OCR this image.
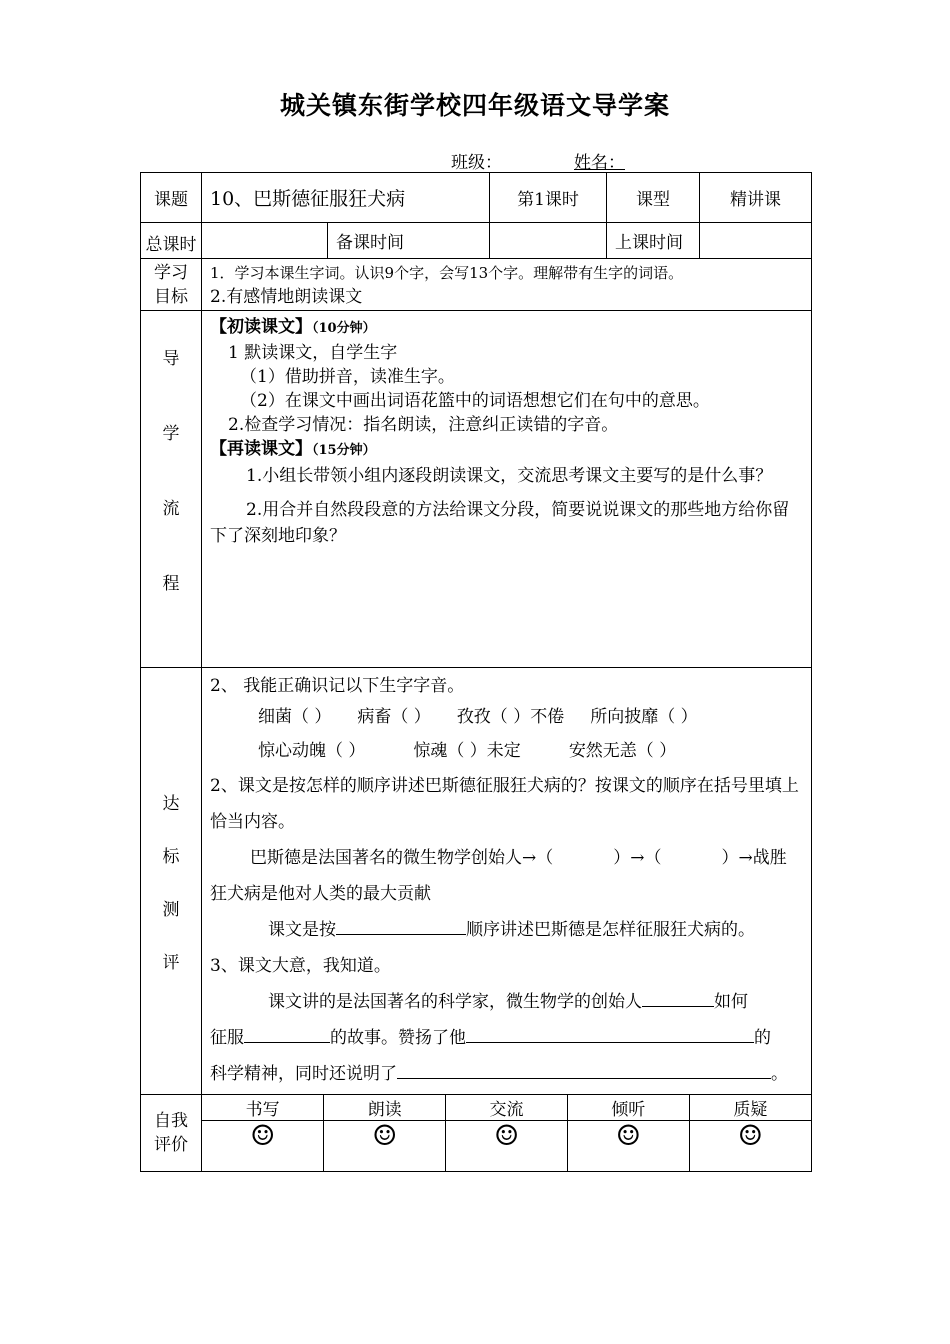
城关镇东街学校四年级语文导学案
班级：	姓名：
课题	10、巴斯德征服狂犬病	第1课时	课型	精讲课
总课时		备课时间		上课时间	

学习
目标

1．学习本课生字词。认识9个字，会写13个字。理解带有生字的词语。
2.有感情地朗读课文

导
学
流
程

【初读课文】（10分钟）

1 默读课文，自学生字

（1）借助拼音，读准生字。

（2）在课文中画出词语花篮中的词语想想它们在句中的意思。

2.检查学习情况：指名朗读，注意纠正读错的字音。

【再读课文】（15分钟）

1.小组长带领小组内逐段朗读课文，交流思考课文主要写的是什么事？

2.用合并自然段段意的方法给课文分段，简要说说课文的那些地方给你留下了深刻地印象？

达
标
测
评

2、 我能正确识记以下生字字音。

细菌（ ） 病畜（ ） 孜孜（ ）不倦 所向披靡（ ）

惊心动魄（ ）	惊魂（ ）未定	安然无恙（ ）

2、课文是按怎样的顺序讲述巴斯德征服狂犬病的？按课文的顺序在括号里填上恰当内容。

巴斯德是法国著名的微生物学创始人→（	）→（	）→战胜狂犬病是他对人类的最大贡献

课文是按	顺序讲述巴斯德是怎样征服狂犬病的。

3、课文大意，我知道。

课文讲的是法国著名的科学家，微生物学的创始人	如何

征服	的故事。赞扬了他	的

科学精神，同时还说明了	。

自我
评价

书写	朗读	交流	倾听	质疑
☺	☺	☺	☺	☺
